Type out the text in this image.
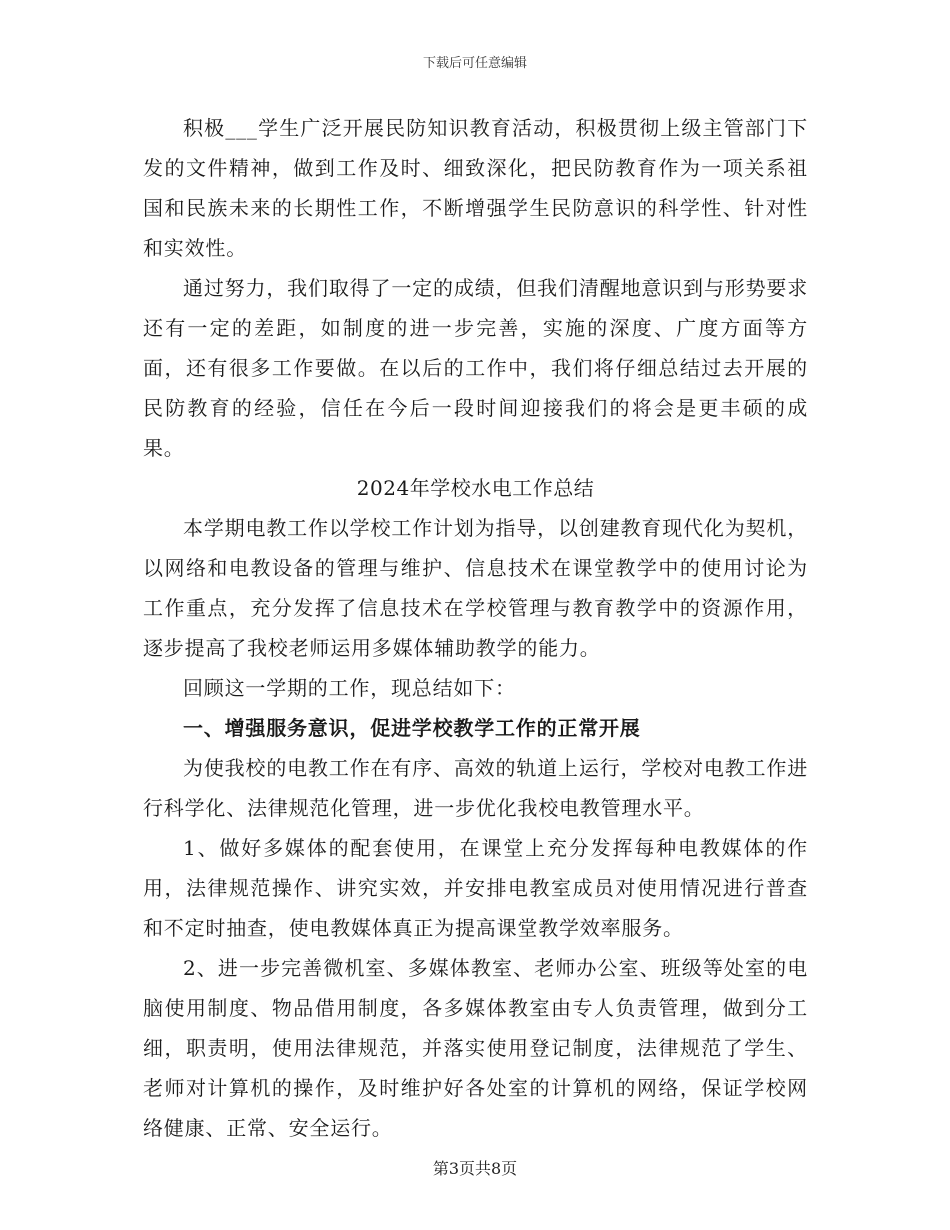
下载后可任意编辑

积极___学生广泛开展民防知识教育活动，积极贯彻上级主管部门下发的文件精神，做到工作及时、细致深化，把民防教育作为一项关系祖国和民族未来的长期性工作，不断增强学生民防意识的科学性、针对性和实效性。

通过努力，我们取得了一定的成绩，但我们清醒地意识到与形势要求还有一定的差距，如制度的进一步完善，实施的深度、广度方面等方面，还有很多工作要做。在以后的工作中，我们将仔细总结过去开展的民防教育的经验，信任在今后一段时间迎接我们的将会是更丰硕的成果。

2024年学校水电工作总结

本学期电教工作以学校工作计划为指导，以创建教育现代化为契机，以网络和电教设备的管理与维护、信息技术在课堂教学中的使用讨论为工作重点，充分发挥了信息技术在学校管理与教育教学中的资源作用，逐步提高了我校老师运用多媒体辅助教学的能力。

回顾这一学期的工作，现总结如下：

一、增强服务意识，促进学校教学工作的正常开展

为使我校的电教工作在有序、高效的轨道上运行，学校对电教工作进行科学化、法律规范化管理，进一步优化我校电教管理水平。

1、做好多媒体的配套使用，在课堂上充分发挥每种电教媒体的作用，法律规范操作、讲究实效，并安排电教室成员对使用情况进行普查和不定时抽查，使电教媒体真正为提高课堂教学效率服务。

2、进一步完善微机室、多媒体教室、老师办公室、班级等处室的电脑使用制度、物品借用制度，各多媒体教室由专人负责管理，做到分工细，职责明，使用法律规范，并落实使用登记制度，法律规范了学生、老师对计算机的操作，及时维护好各处室的计算机的网络，保证学校网络健康、正常、安全运行。

第3页共8页
